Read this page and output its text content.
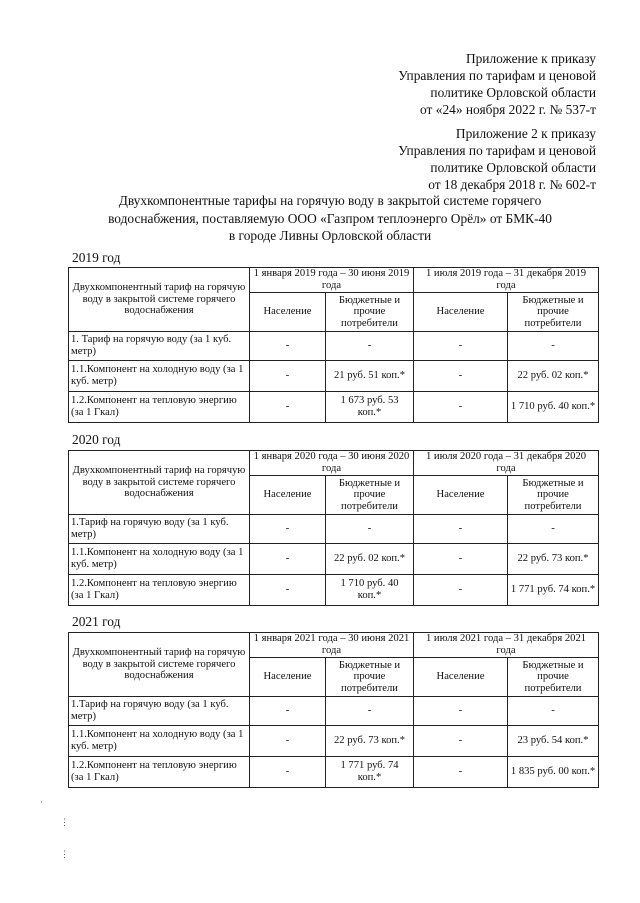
Приложение к приказу
Управления по тарифам и ценовой
политике Орловской области
от «24» ноября 2022 г. № 537-т
Приложение 2 к приказу
Управления по тарифам и ценовой
политике Орловской области
от 18 декабря 2018 г. № 602-т
Двухкомпонентные тарифы на горячую воду в закрытой системе горячего
водоснабжения, поставляемую ООО «Газпром теплоэнерго Орёл» от БМК-40
в городе Ливны Орловской области
2019 год
Двухкомпонентный тариф на горячую воду в закрытой системе горячего водоснабжения	1 января 2019 года – 30 июня 2019 года		1 июля 2019 года – 31 декабря 2019 года	
	Население	Бюджетные и прочие потребители	Население	Бюджетные и прочие потребители
1. Тариф на горячую воду (за 1 куб. метр)	-	-	-	-
1.1.Компонент на холодную воду (за 1 куб. метр)	-	21 руб. 51 коп.*	-	22 руб. 02 коп.*
1.2.Компонент на тепловую энергию (за 1 Гкал)	-	1 673 руб. 53 коп.*	-	1 710 руб. 40 коп.*
2020 год
Двухкомпонентный тариф на горячую воду в закрытой системе горячего водоснабжения	1 января 2020 года – 30 июня 2020 года		1 июля 2020 года – 31 декабря 2020 года	
	Население	Бюджетные и прочие потребители	Население	Бюджетные и прочие потребители
1.Тариф на горячую воду (за 1 куб. метр)	-	-	-	-
1.1.Компонент на холодную воду (за 1 куб. метр)	-	22 руб. 02 коп.*	-	22 руб. 73 коп.*
1.2.Компонент на тепловую энергию (за 1 Гкал)	-	1 710 руб. 40 коп.*	-	1 771 руб. 74 коп.*
2021 год
Двухкомпонентный тариф на горячую воду в закрытой системе горячего водоснабжения	1 января 2021 года – 30 июня 2021 года		1 июля 2021 года – 31 декабря 2021 года	
	Население	Бюджетные и прочие потребители	Население	Бюджетные и прочие потребители
1.Тариф на горячую воду (за 1 куб. метр)	-	-	-	-
1.1.Компонент на холодную воду (за 1 куб. метр)	-	22 руб. 73 коп.*	-	23 руб. 54 коп.*
1.2.Компонент на тепловую энергию (за 1 Гкал)	-	1 771 руб. 74 коп.*	-	1 835 руб. 00 коп.*
·
⋮
⋮
